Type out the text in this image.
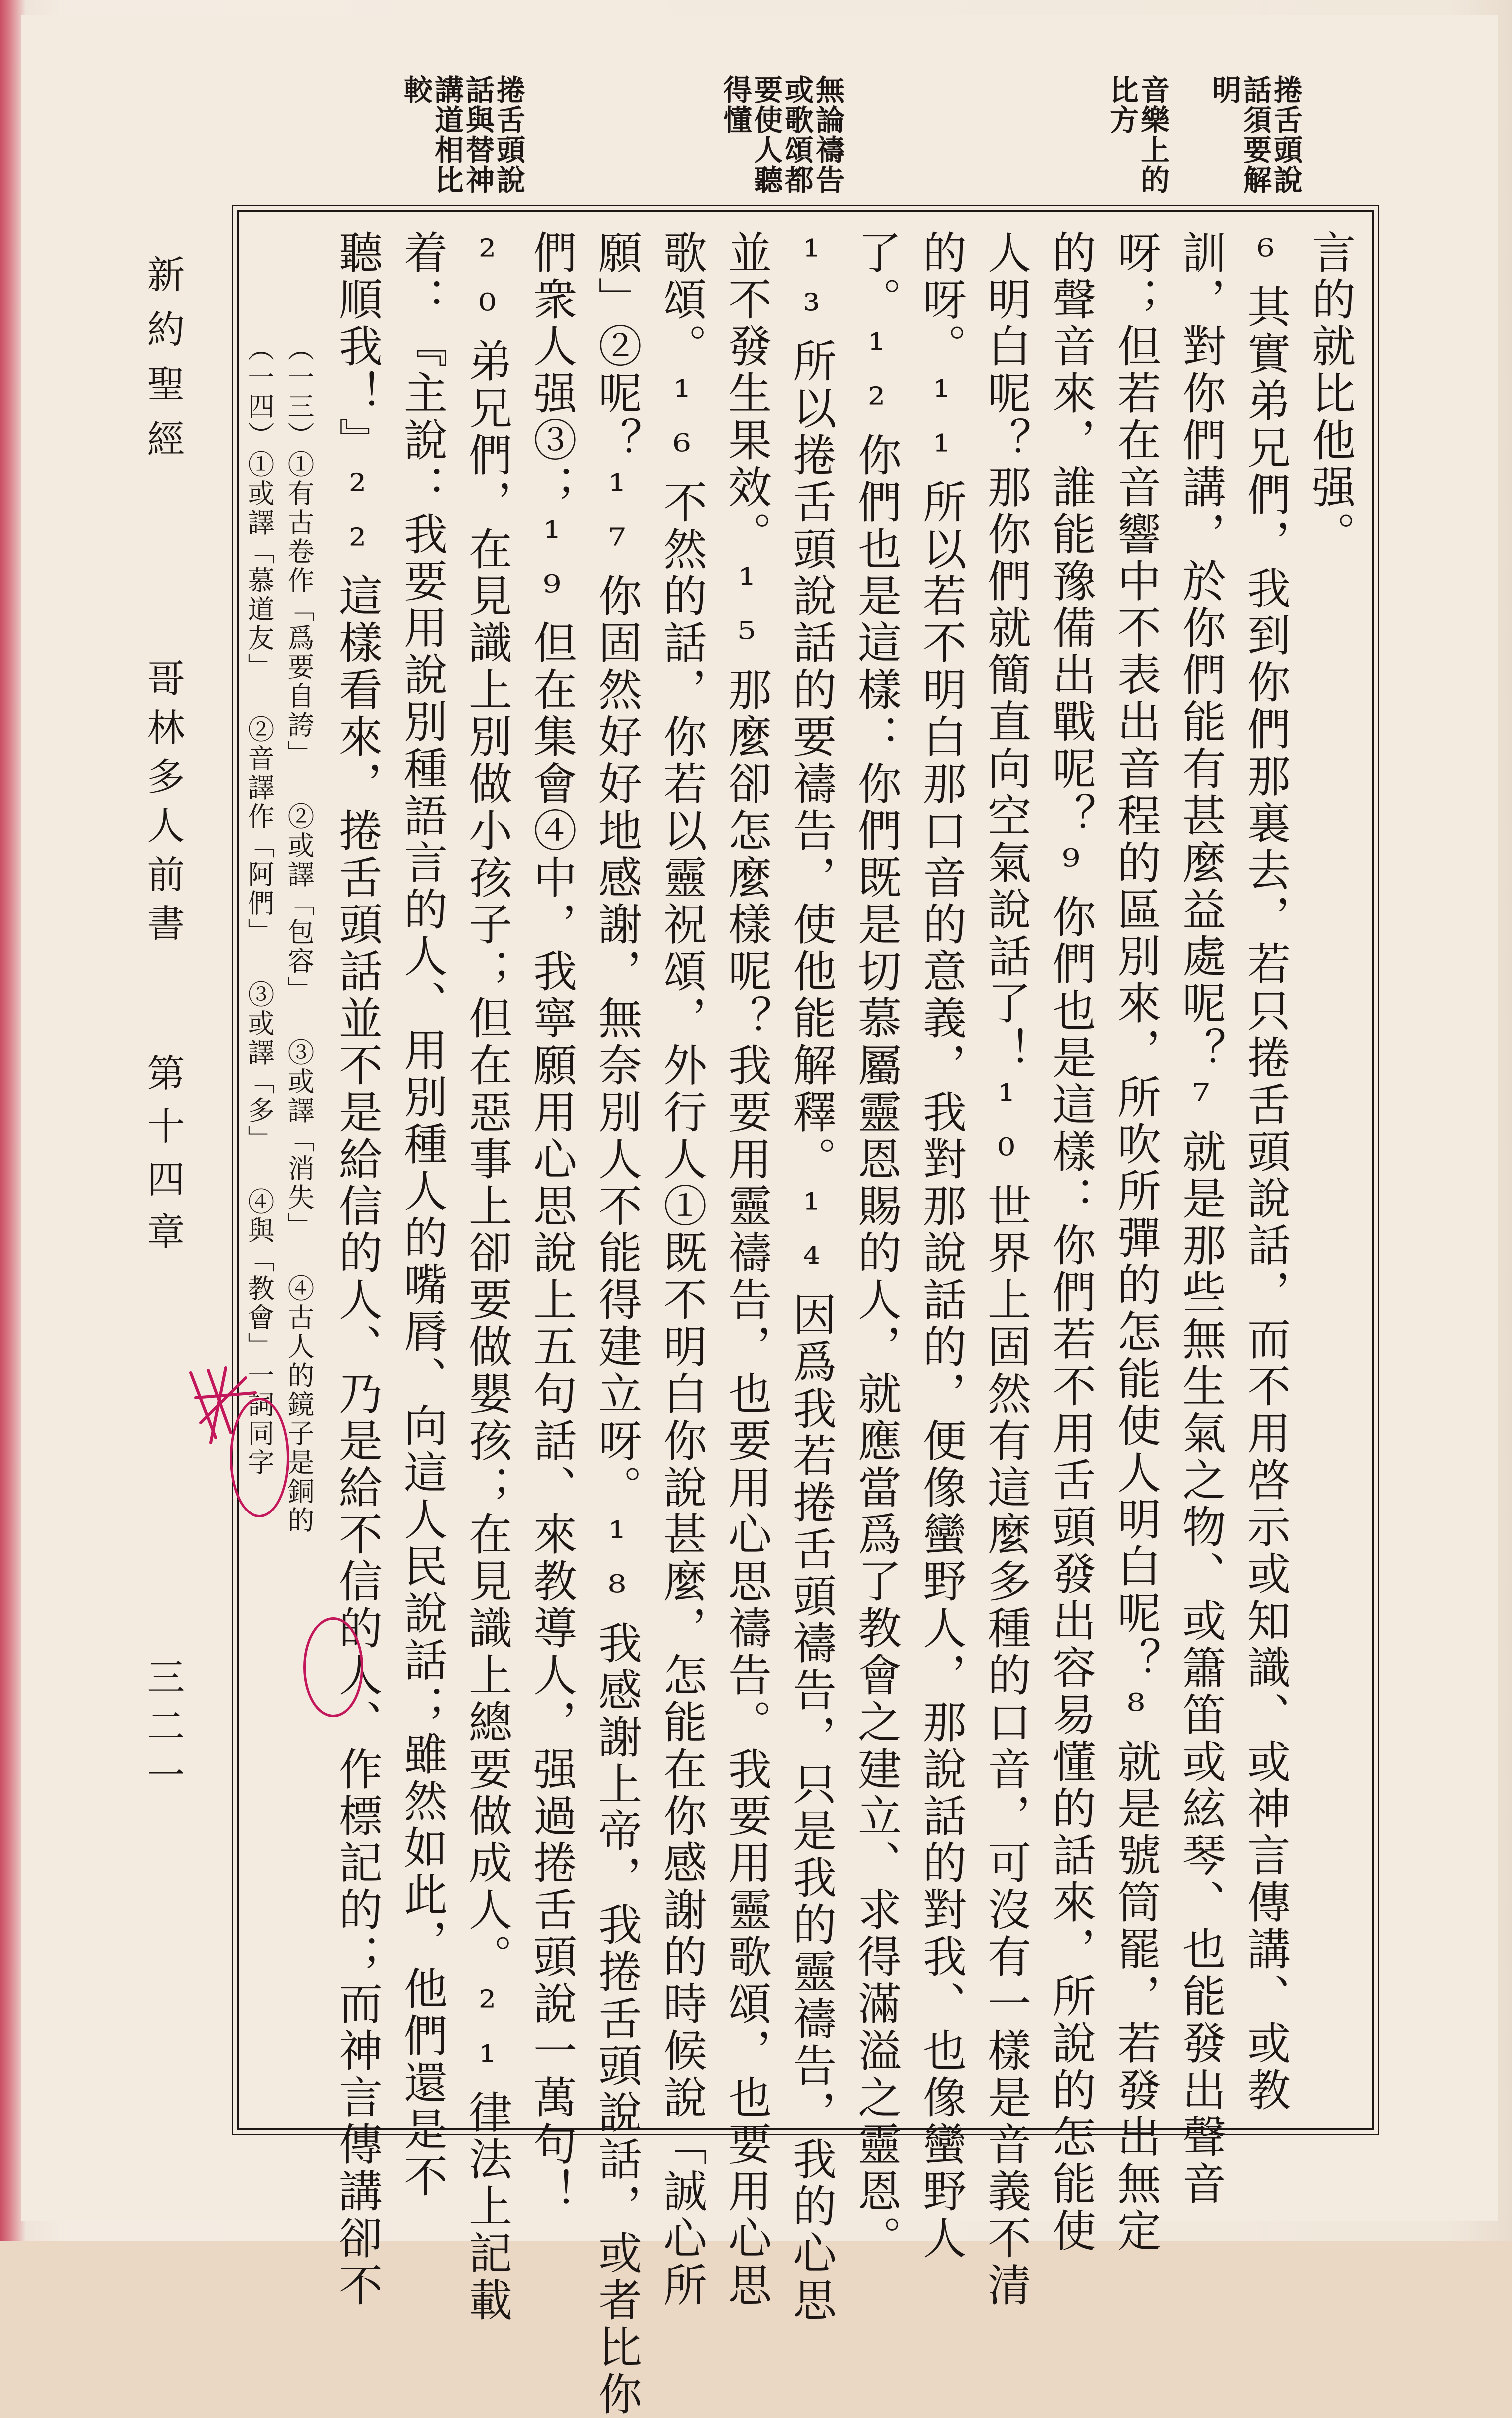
捲舌頭說
話須要解
明
音樂上的
比方
無論禱告
或歌頌都
要使人聽
得懂
捲舌頭說
話與替神
講道相比
較
言的就比他强。
⁶其實弟兄們，我到你們那裏去，若只捲舌頭說話，而不用啓示或知識、或神言傳講、或教
訓，對你們講，於你們能有甚麼益處呢？⁷就是那些無生氣之物、或簫笛或絃琴、也能發出聲音
呀；但若在音響中不表出音程的區別來，所吹所彈的怎能使人明白呢？⁸就是號筒罷，若發出無定
的聲音來，誰能豫備出戰呢？⁹你們也是這樣：你們若不用舌頭發出容易懂的話來，所說的怎能使
人明白呢？那你們就簡直向空氣說話了！¹⁰世界上固然有這麼多種的口音，可沒有一樣是音義不清
的呀。¹¹所以若不明白那口音的意義，我對那說話的，便像蠻野人，那說話的對我、也像蠻野人
了。¹²你們也是這樣：你們既是切慕屬靈恩賜的人，就應當爲了教會之建立、求得滿溢之靈恩。
¹³所以捲舌頭說話的要禱告，使他能解釋。¹⁴因爲我若捲舌頭禱告，只是我的靈禱告，我的心思
並不發生果效。¹⁵那麼卻怎麼樣呢？我要用靈禱告，也要用心思禱告。我要用靈歌頌，也要用心思
歌頌。¹⁶不然的話，你若以靈祝頌，外行人①既不明白你說甚麼，怎能在你感謝的時候說「誠心所
願」②呢？¹⁷你固然好好地感謝，無奈別人不能得建立呀。¹⁸我感謝上帝，我捲舌頭說話，或者比你
們衆人强③；¹⁹但在集會④中，我寧願用心思說上五句話、來教導人，强過捲舌頭說一萬句！
²⁰弟兄們，在見識上別做小孩子；但在惡事上卻要做嬰孩；在見識上總要做成人。²¹律法上記載
着：『主說：我要用說別種語言的人、用別種人的嘴脣、向這人民說話；雖然如此，他們還是不
聽順我！』²²這樣看來，捲舌頭話並不是給信的人、乃是給不信的人、作標記的；而神言傳講卻不
（一三）①有古卷作「爲要自誇」 ②或譯「包容」 ③或譯「消失」 ④古人的鏡子是銅的
（一四）①或譯「慕道友」 ②音譯作「阿們」 ③或譯「多」 ④與「教會」一詞同字
新約聖經
哥林多人前書
第十四章
三二一
